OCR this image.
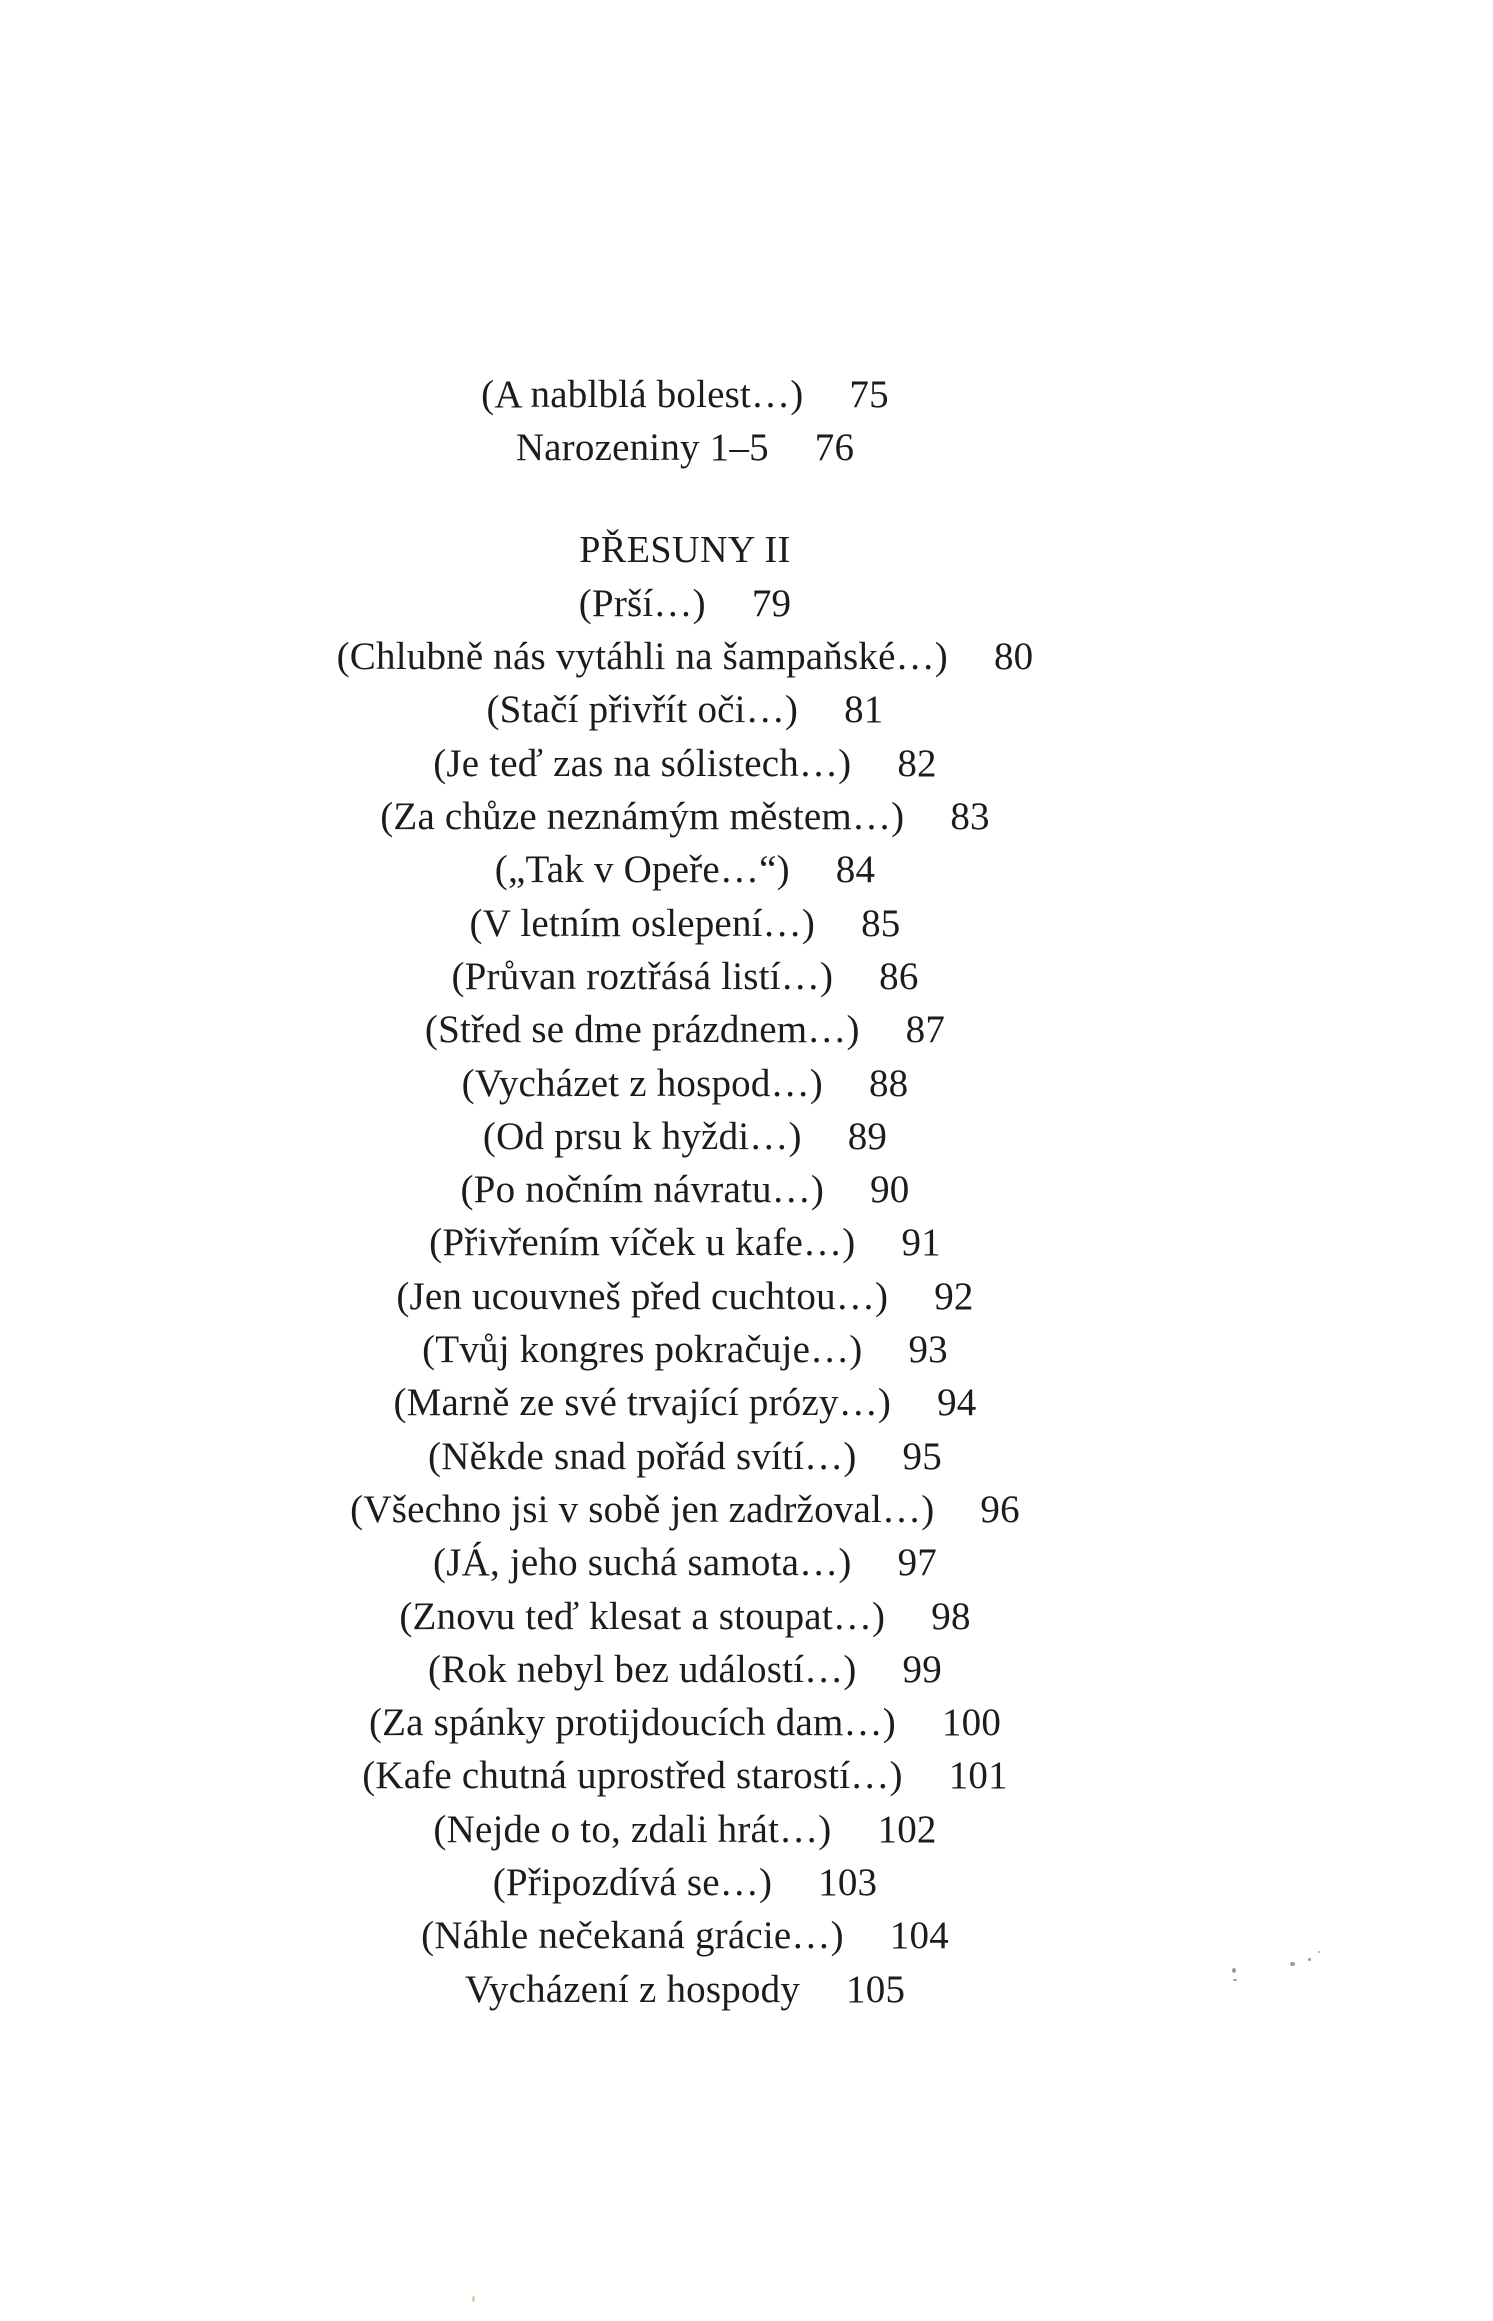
(A nablblá bolest…) 75
Narozeniny 1–5 76
PŘESUNY II
(Prší…) 79
(Chlubně nás vytáhli na šampaňské…) 80
(Stačí přivřít oči…) 81
(Je teď zas na sólistech…) 82
(Za chůze neznámým městem…) 83
(„Tak v Opeře…“) 84
(V letním oslepení…) 85
(Průvan roztřásá listí…) 86
(Střed se dme prázdnem…) 87
(Vycházet z hospod…) 88
(Od prsu k hyždi…) 89
(Po nočním návratu…) 90
(Přivřením víček u kafe…) 91
(Jen ucouvneš před cuchtou…) 92
(Tvůj kongres pokračuje…) 93
(Marně ze své trvající prózy…) 94
(Někde snad pořád svítí…) 95
(Všechno jsi v sobě jen zadržoval…) 96
(JÁ, jeho suchá samota…) 97
(Znovu teď klesat a stoupat…) 98
(Rok nebyl bez událostí…) 99
(Za spánky protijdoucích dam…) 100
(Kafe chutná uprostřed starostí…) 101
(Nejde o to, zdali hrát…) 102
(Připozdívá se…) 103
(Náhle nečekaná grácie…) 104
Vycházení z hospody 105
